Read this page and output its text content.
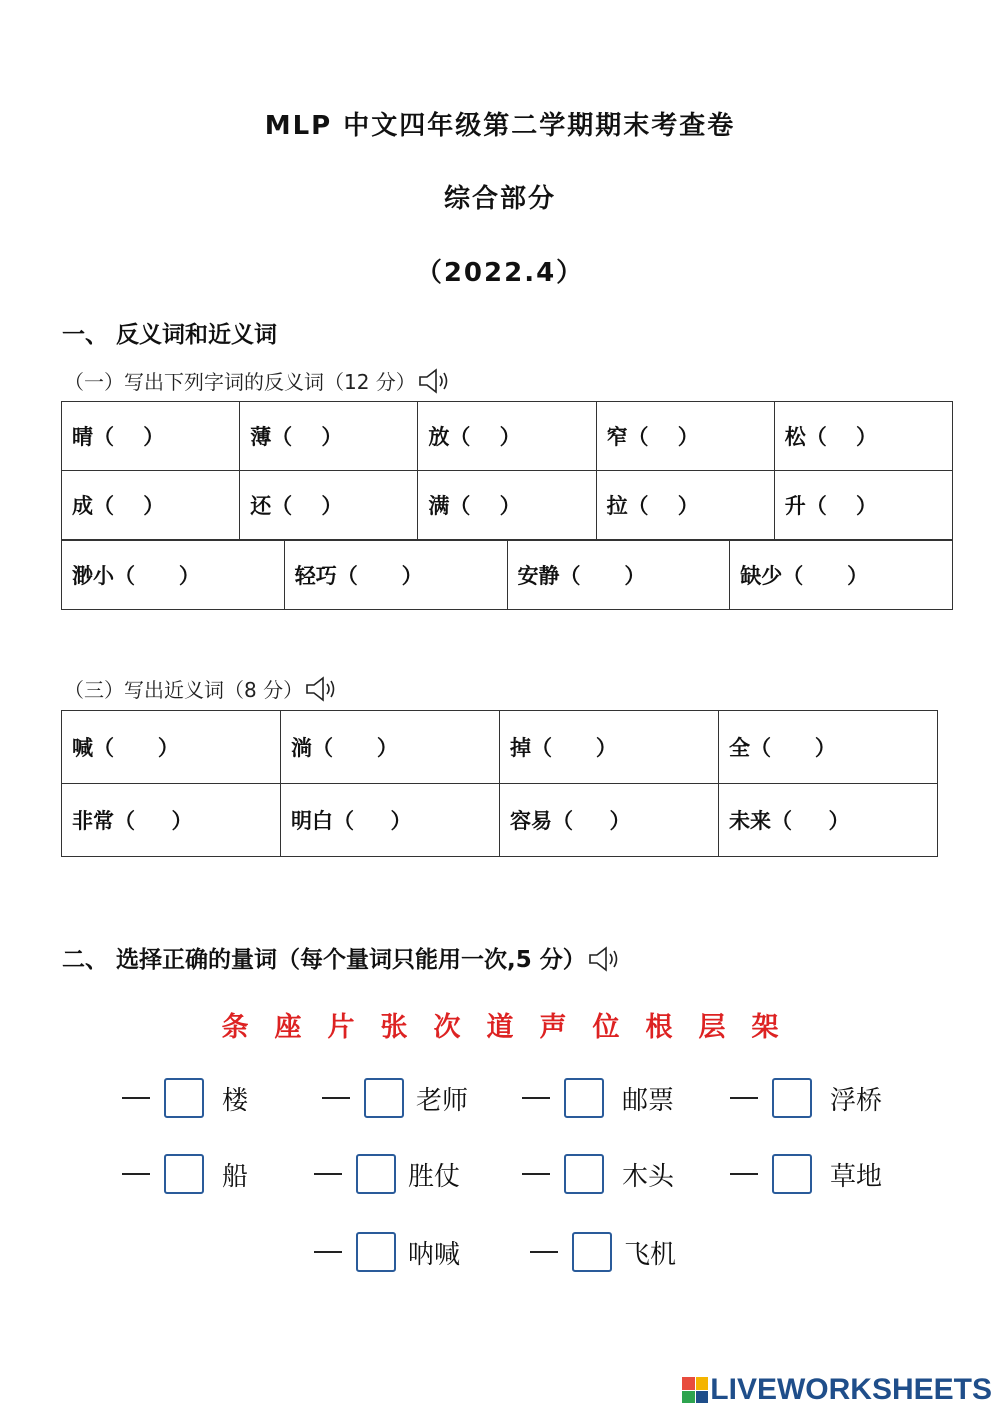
MLP 中文四年级第二学期期末考查卷
综合部分
（2022.4）
一、 反义词和近义词
（一）写出下列字词的反义词（12 分）
晴（    ）	薄（    ）	放（    ）	窄（    ）	松（    ）
成（    ）	还（    ）	满（    ）	拉（    ）	升（    ）
渺小（      ）	轻巧（      ）	安静（      ）	缺少（      ）
（三）写出近义词（8 分）
喊（      ）	淌（      ）	掉（      ）	全（      ）
非常（     ）	明白（     ）	容易（     ）	未来（     ）
二、 选择正确的量词（每个量词只能用一次,5 分）
条座片张次道声位根层架
楼	老师	邮票	浮桥
船	胜仗	木头	草地
呐喊	飞机
LIVEWORKSHEETS
